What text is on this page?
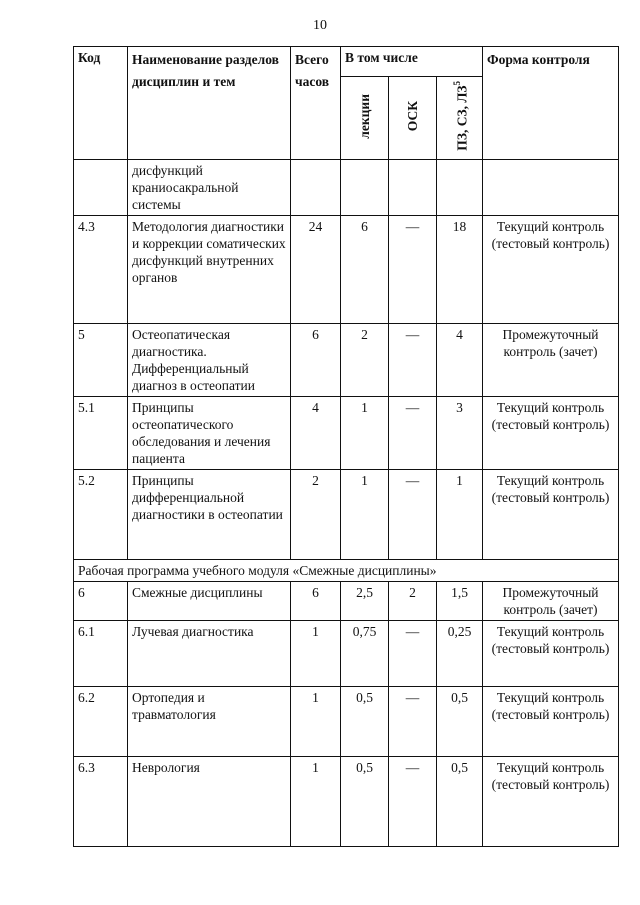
10
Код	Наименование разделов дисциплин и тем	Всего часов	В том числе			Форма контроля
			лекции	ОСК	ПЗ, СЗ, $ЛЗ^5$
	дисфункций краниосакральной системы					
4.3	Методология диагностики и коррекции соматических дисфункций внутренних органов	24	6	—	18	Текущий контроль (тестовый контроль)
5	Остеопатическая диагностика. Дифференциальный диагноз в остеопатии	6	2	—	4	Промежуточный контроль (зачет)
5.1	Принципы остеопатического обследования и лечения пациента	4	1	—	3	Текущий контроль (тестовый контроль)
5.2	Принципы дифференциальной диагностики в остеопатии	2	1	—	1	Текущий контроль (тестовый контроль)
Рабочая программа учебного модуля «Смежные дисциплины»						
6	Смежные дисциплины	6	2,5	2	1,5	Промежуточный контроль (зачет)
6.1	Лучевая диагностика	1	0,75	—	0,25	Текущий контроль (тестовый контроль)
6.2	Ортопедия и травматология	1	0,5	—	0,5	Текущий контроль (тестовый контроль)
6.3	Неврология	1	0,5	—	0,5	Текущий контроль (тестовый контроль)
